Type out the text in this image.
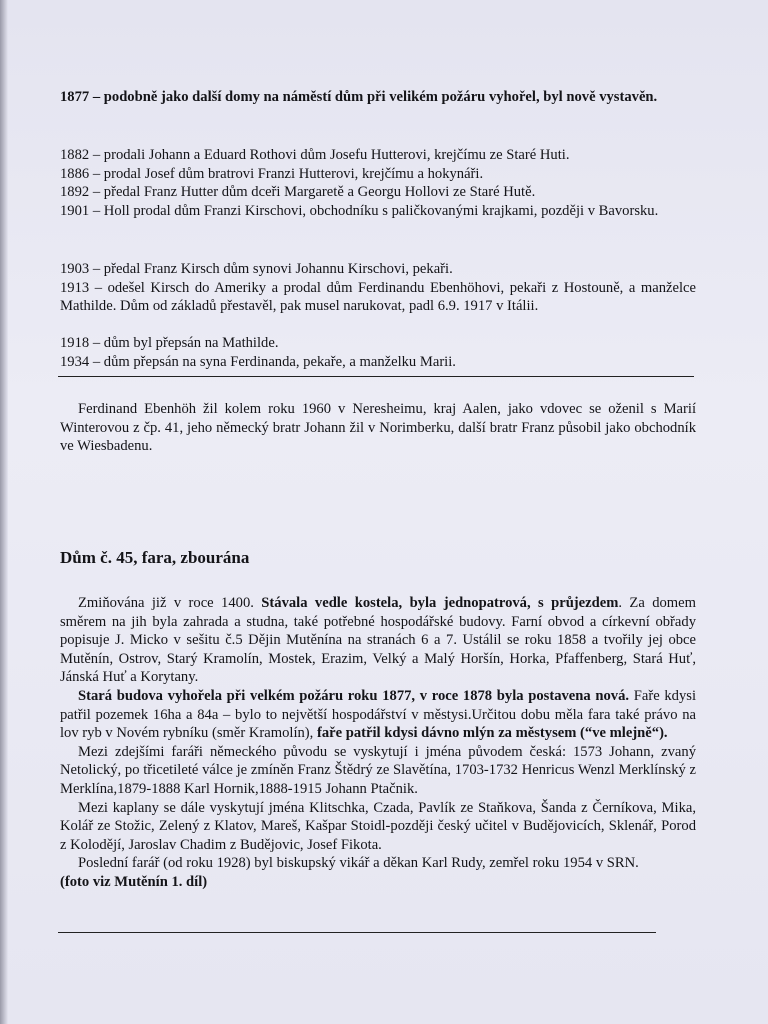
1877 – podobně jako další domy na náměstí dům při velikém požáru vyhořel, byl nově vystavěn.

1882 – prodali Johann a Eduard Rothovi dům Josefu Hutterovi, krejčímu ze Staré Huti.

1886 – prodal Josef dům bratrovi Franzi Hutterovi, krejčímu a hokynáři.

1892 – předal Franz Hutter dům dceři Margaretě a Georgu Hollovi ze Staré Hutě.

1901 – Holl prodal dům Franzi Kirschovi, obchodníku s paličkovanými krajkami, později v Bavorsku.

1903 – předal Franz Kirsch dům synovi Johannu Kirschovi, pekaři.

1913 – odešel Kirsch do Ameriky a prodal dům Ferdinandu Ebenhöhovi, pekaři z Hostouně, a manželce Mathilde. Dům od základů přestavěl, pak musel narukovat, padl 6.9. 1917 v Itálii.

1918 – dům byl přepsán na Mathilde.

1934 – dům přepsán na syna Ferdinanda, pekaře, a manželku Marii.

Ferdinand Ebenhöh žil kolem roku 1960 v Neresheimu, kraj Aalen, jako vdovec se oženil s Marií Winterovou z čp. 41, jeho německý bratr Johann žil v Norimberku, další bratr Franz působil jako obchodník ve Wiesbadenu.

Dům č. 45, fara, zbourána

Zmiňována již v roce 1400. Stávala vedle kostela, byla jednopatrová, s průjezdem. Za domem směrem na jih byla zahrada a studna, také potřebné hospodářské budovy. Farní obvod a církevní obřady popisuje J. Micko v sešitu č.5 Dějin Mutěnína na stranách 6 a 7. Ustálil se roku 1858 a tvořily jej obce Mutěnín, Ostrov, Starý Kramolín, Mostek, Erazim, Velký a Malý Horšín, Horka, Pfaffenberg, Stará Huť, Jánská Huť a Korytany.

Stará budova vyhořela při velkém požáru roku 1877, v roce 1878 byla postavena nová. Faře kdysi patřil pozemek 16ha a 84a – bylo to největší hospodářství v městysi.Určitou dobu měla fara také právo na lov ryb v Novém rybníku (směr Kramolín), faře patřil kdysi dávno mlýn za městysem (“ve mlejně“).

Mezi zdejšími faráři německého původu se vyskytují i jména původem česká: 1573 Johann, zvaný Netolický, po třicetileté válce je zmíněn Franz Štědrý ze Slavětína, 1703-1732 Henricus Wenzl Merklínský z Merklína,1879-1888 Karl Hornik,1888-1915 Johann Ptačnik.

Mezi kaplany se dále vyskytují jména Klitschka, Czada, Pavlík ze Staňkova, Šanda z Černíkova, Mika, Kolář ze Stožic, Zelený z Klatov, Mareš, Kašpar Stoidl-později český učitel v Budějovicích, Sklenář, Porod z Kolodějí, Jaroslav Chadim z Budějovic, Josef Fikota.

Poslední farář (od roku 1928) byl biskupský vikář a děkan Karl Rudy, zemřel roku 1954 v SRN.

(foto viz Mutěnín 1. díl)
